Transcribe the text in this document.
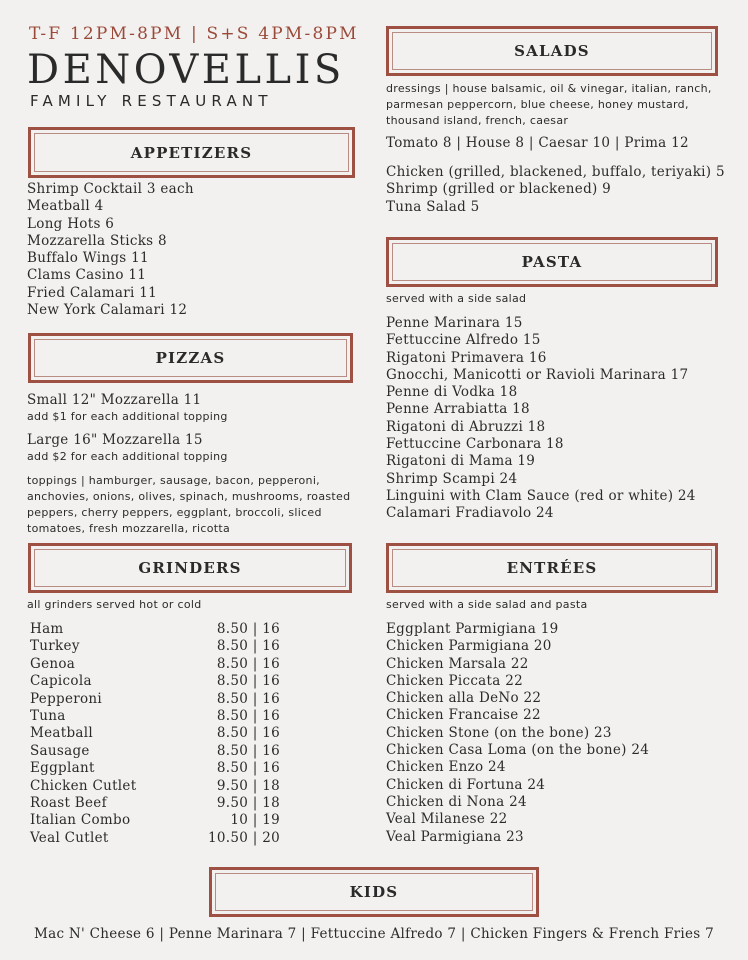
T-F 12PM-8PM | S+S 4PM-8PM
DENOVELLIS
FAMILY RESTAURANT
APPETIZERS
Shrimp Cocktail 3 each
Meatball 4
Long Hots 6
Mozzarella Sticks 8
Buffalo Wings 11
Clams Casino 11
Fried Calamari 11
New York Calamari 12
PIZZAS
Small 12" Mozzarella 11
add $1 for each additional topping
Large 16" Mozzarella 15
add $2 for each additional topping
toppings | hamburger, sausage, bacon, pepperoni, anchovies, onions, olives, spinach, mushrooms, roasted peppers, cherry peppers, eggplant, broccoli, sliced tomatoes, fresh mozzarella, ricotta
GRINDERS
all grinders served hot or cold
Ham	8.50 | 16
Turkey	8.50 | 16
Genoa	8.50 | 16
Capicola	8.50 | 16
Pepperoni	8.50 | 16
Tuna	8.50 | 16
Meatball	8.50 | 16
Sausage	8.50 | 16
Eggplant	8.50 | 16
Chicken Cutlet	9.50 | 18
Roast Beef	9.50 | 18
Italian Combo	10 | 19
Veal Cutlet	10.50 | 20
SALADS
dressings | house balsamic, oil & vinegar, italian, ranch, parmesan peppercorn, blue cheese, honey mustard, thousand island, french, caesar
Tomato 8 | House 8 | Caesar 10 | Prima 12
Chicken (grilled, blackened, buffalo, teriyaki) 5
Shrimp (grilled or blackened) 9
Tuna Salad 5
PASTA
served with a side salad
Penne Marinara 15
Fettuccine Alfredo 15
Rigatoni Primavera 16
Gnocchi, Manicotti or Ravioli Marinara 17
Penne di Vodka 18
Penne Arrabiatta 18
Rigatoni di Abruzzi 18
Fettuccine Carbonara 18
Rigatoni di Mama 19
Shrimp Scampi 24
Linguini with Clam Sauce (red or white) 24
Calamari Fradiavolo 24
ENTRÉES
served with a side salad and pasta
Eggplant Parmigiana 19
Chicken Parmigiana 20
Chicken Marsala 22
Chicken Piccata 22
Chicken alla DeNo 22
Chicken Francaise 22
Chicken Stone (on the bone) 23
Chicken Casa Loma (on the bone) 24
Chicken Enzo 24
Chicken di Fortuna 24
Chicken di Nona 24
Veal Milanese 22
Veal Parmigiana 23
KIDS
Mac N' Cheese 6 | Penne Marinara 7 | Fettuccine Alfredo 7 | Chicken Fingers & French Fries 7
